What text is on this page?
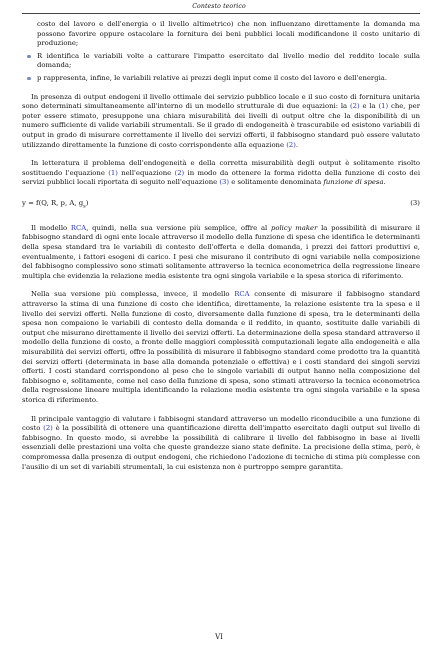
Contesto teorico
costo del lavoro e dell'energia o il livello altimetrico) che non influenzano direttamente la domanda ma possono favorire oppure ostacolare la fornitura dei beni pubblici locali modificandone il costo unitario di produzione;
R identifica le variabili volte a catturare l'impatto esercitato dal livello medio del reddito locale sulla domanda;
p rappresenta, infine, le variabili relative ai prezzi degli input come il costo del lavoro e dell'energia.

In presenza di output endogeni il livello ottimale dei servizio pubblico locale e il suo costo di fornitura unitaria sono determinati simultaneamente all'interno di un modello strutturale di due equazioni: la (2) e la (1) che, per poter essere stimato, presuppone una chiara misurabilità dei livelli di output oltre che la disponibilità di un numero sufficiente di valide variabili strumentali. Se il grado di endogeneità è trascurabile ed esistono variabili di output in grado di misurare correttamente il livello dei servizi offerti, il fabbisogno standard può essere valutato utilizzando direttamente la funzione di costo corrispondente alla equazione (2).

In letteratura il problema dell'endogeneità e della corretta misurabilità degli output è solitamente risolto sostituendo l'equazione (1) nell'equazione (2) in modo da ottenere la forma ridotta della funzione di costo dei servizi pubblici locali riportata di seguito nell'equazione (3) e solitamente denominata funzione di spesa.

y = f(Q, R, p, A, $g_s$)	(3)

Il modello RCA, quindi, nella sua versione più semplice, offre al policy maker la possibilità di misurare il fabbisogno standard di ogni ente locale attraverso il modello della funzione di spesa che identifica le determinanti della spesa standard tra le variabili di contesto dell'offerta e della domanda, i prezzi dei fattori produttivi e, eventualmente, i fattori esogeni di carico. I pesi che misurano il contributo di ogni variabile nella composizione del fabbisogno complessivo sono stimati solitamente attraverso la tecnica econometrica della regressione lineare multipla che evidenzia la relazione media esistente tra ogni singola variabile e la spesa storica di riferimento.

Nella sua versione più complessa, invece, il modello RCA consente di misurare il fabbisogno standard attraverso la stima di una funzione di costo che identifica, direttamente, la relazione esistente tra la spesa e il livello dei servizi offerti. Nella funzione di costo, diversamente dalla funzione di spesa, tra le determinanti della spesa non compaiono le variabili di contesto della domanda e il reddito, in quanto, sostituite dalle variabili di output che misurano direttamente il livello dei servizi offerti. La determinazione della spesa standard attraverso il modello della funzione di costo, a fronte delle maggiori complessità computazionali legate alla endogeneità e alla misurabilità dei servizi offerti, offre la possibilità di misurare il fabbisogno standard come prodotto tra la quantità dei servizi offerti (determinata in base alla domanda potenziale o effettiva) e i costi standard dei singoli servizi offerti. I costi standard corrispondono al peso che le singole variabili di output hanno nella composizione del fabbisogno e, solitamente, come nel caso della funzione di spesa, sono stimati attraverso la tecnica econometrica della regressione lineare multipla identificando la relazione media esistente tra ogni singola variabile e la spesa storica di riferimento.

Il principale vantaggio di valutare i fabbisogni standard attraverso un modello riconducibile a una funzione di costo (2) è la possibilità di ottenere una quantificazione diretta dell'impatto esercitato dagli output sul livello di fabbisogno. In questo modo, si avrebbe la possibilità di calibrare il livello del fabbisogno in base ai livelli essenziali delle prestazioni una volta che queste grandezze siano state definite. La precisione della stima, però, è compromessa dalla presenza di output endogeni, che richiedono l'adozione di tecniche di stima più complesse con l'ausilio di un set di variabili strumentali, la cui esistenza non è purtroppo sempre garantita.

VI
